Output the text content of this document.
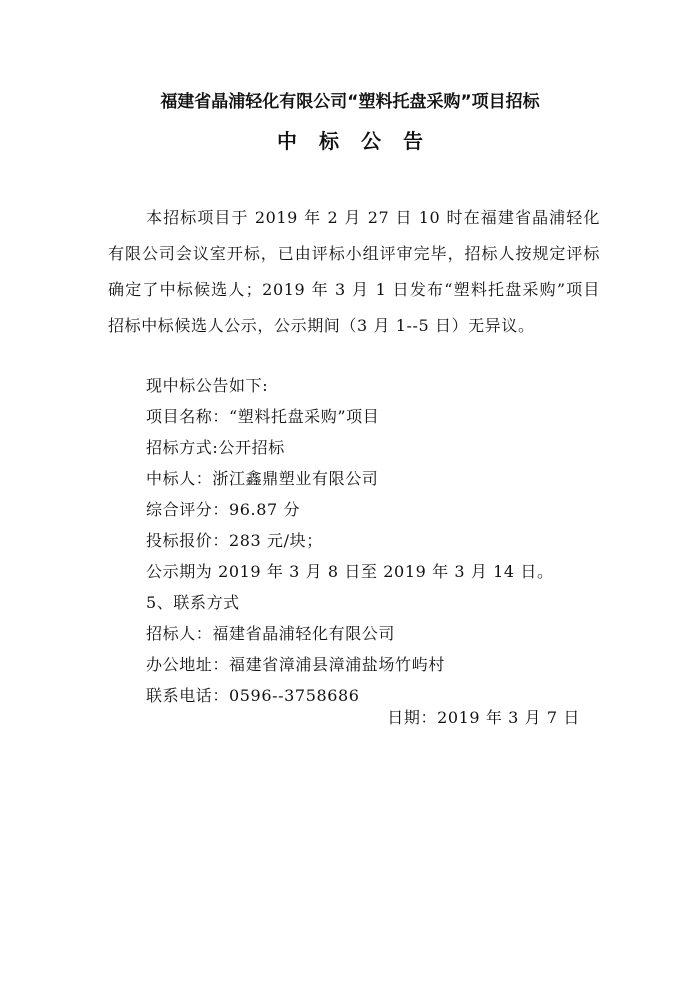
福建省晶浦轻化有限公司“塑料托盘采购”项目招标
中标公告
本招标项目于 2019 年 2 月 27 日 10 时在福建省晶浦轻化有限公司会议室开标，已由评标小组评审完毕，招标人按规定评标确定了中标候选人；2019 年 3 月 1 日发布“塑料托盘采购”项目招标中标候选人公示，公示期间（3 月 1--5 日）无异议。
现中标公告如下:
项目名称：“塑料托盘采购”项目
招标方式:公开招标
中标人：浙江鑫鼎塑业有限公司
综合评分：96.87 分
投标报价：283 元/块；
公示期为 2019 年 3 月 8 日至 2019 年 3 月 14 日。
5、联系方式
招标人：福建省晶浦轻化有限公司
办公地址：福建省漳浦县漳浦盐场竹屿村
联系电话：0596--3758686
日期：2019 年 3 月 7 日
